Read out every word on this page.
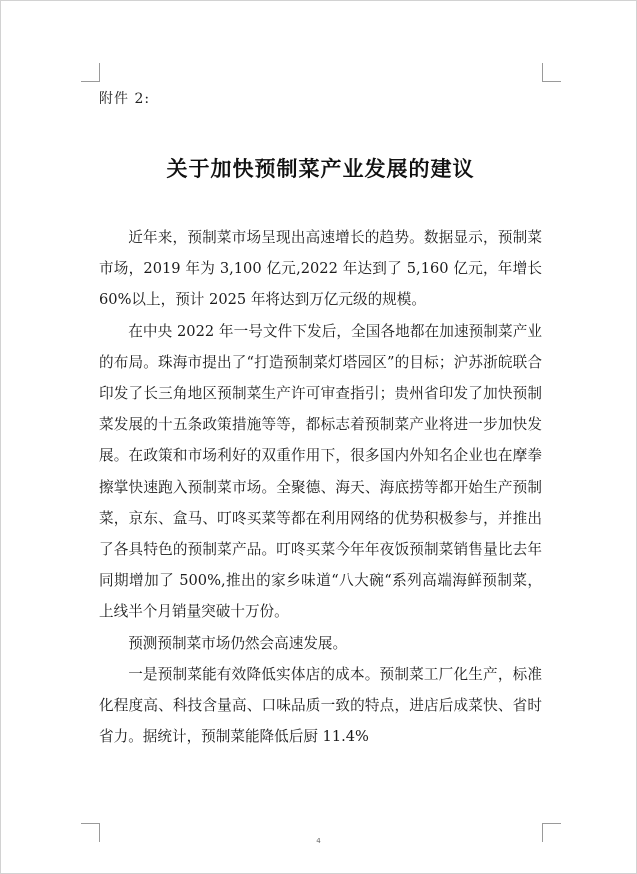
附件 2:
关于加快预制菜产业发展的建议

近年来，预制菜市场呈现出高速增长的趋势。数据显示，预制菜市场，2019 年为 3,100 亿元,2022 年达到了 5,160 亿元，年增长 60%以上，预计 2025 年将达到万亿元级的规模。

在中央 2022 年一号文件下发后，全国各地都在加速预制菜产业的布局。珠海市提出了“打造预制菜灯塔园区”的目标；沪苏浙皖联合印发了长三角地区预制菜生产许可审查指引；贵州省印发了加快预制菜发展的十五条政策措施等等，都标志着预制菜产业将进一步加快发展。在政策和市场利好的双重作用下，很多国内外知名企业也在摩拳擦掌快速跑入预制菜市场。全聚德、海天、海底捞等都开始生产预制菜，京东、盒马、叮咚买菜等都在利用网络的优势积极参与，并推出了各具特色的预制菜产品。叮咚买菜今年年夜饭预制菜销售量比去年同期增加了 500%,推出的家乡味道“八大碗“系列高端海鲜预制菜，上线半个月销量突破十万份。

预测预制菜市场仍然会高速发展。

一是预制菜能有效降低实体店的成本。预制菜工厂化生产，标准化程度高、科技含量高、口味品质一致的特点，进店后成菜快、省时省力。据统计，预制菜能降低后厨 11.4%

4
